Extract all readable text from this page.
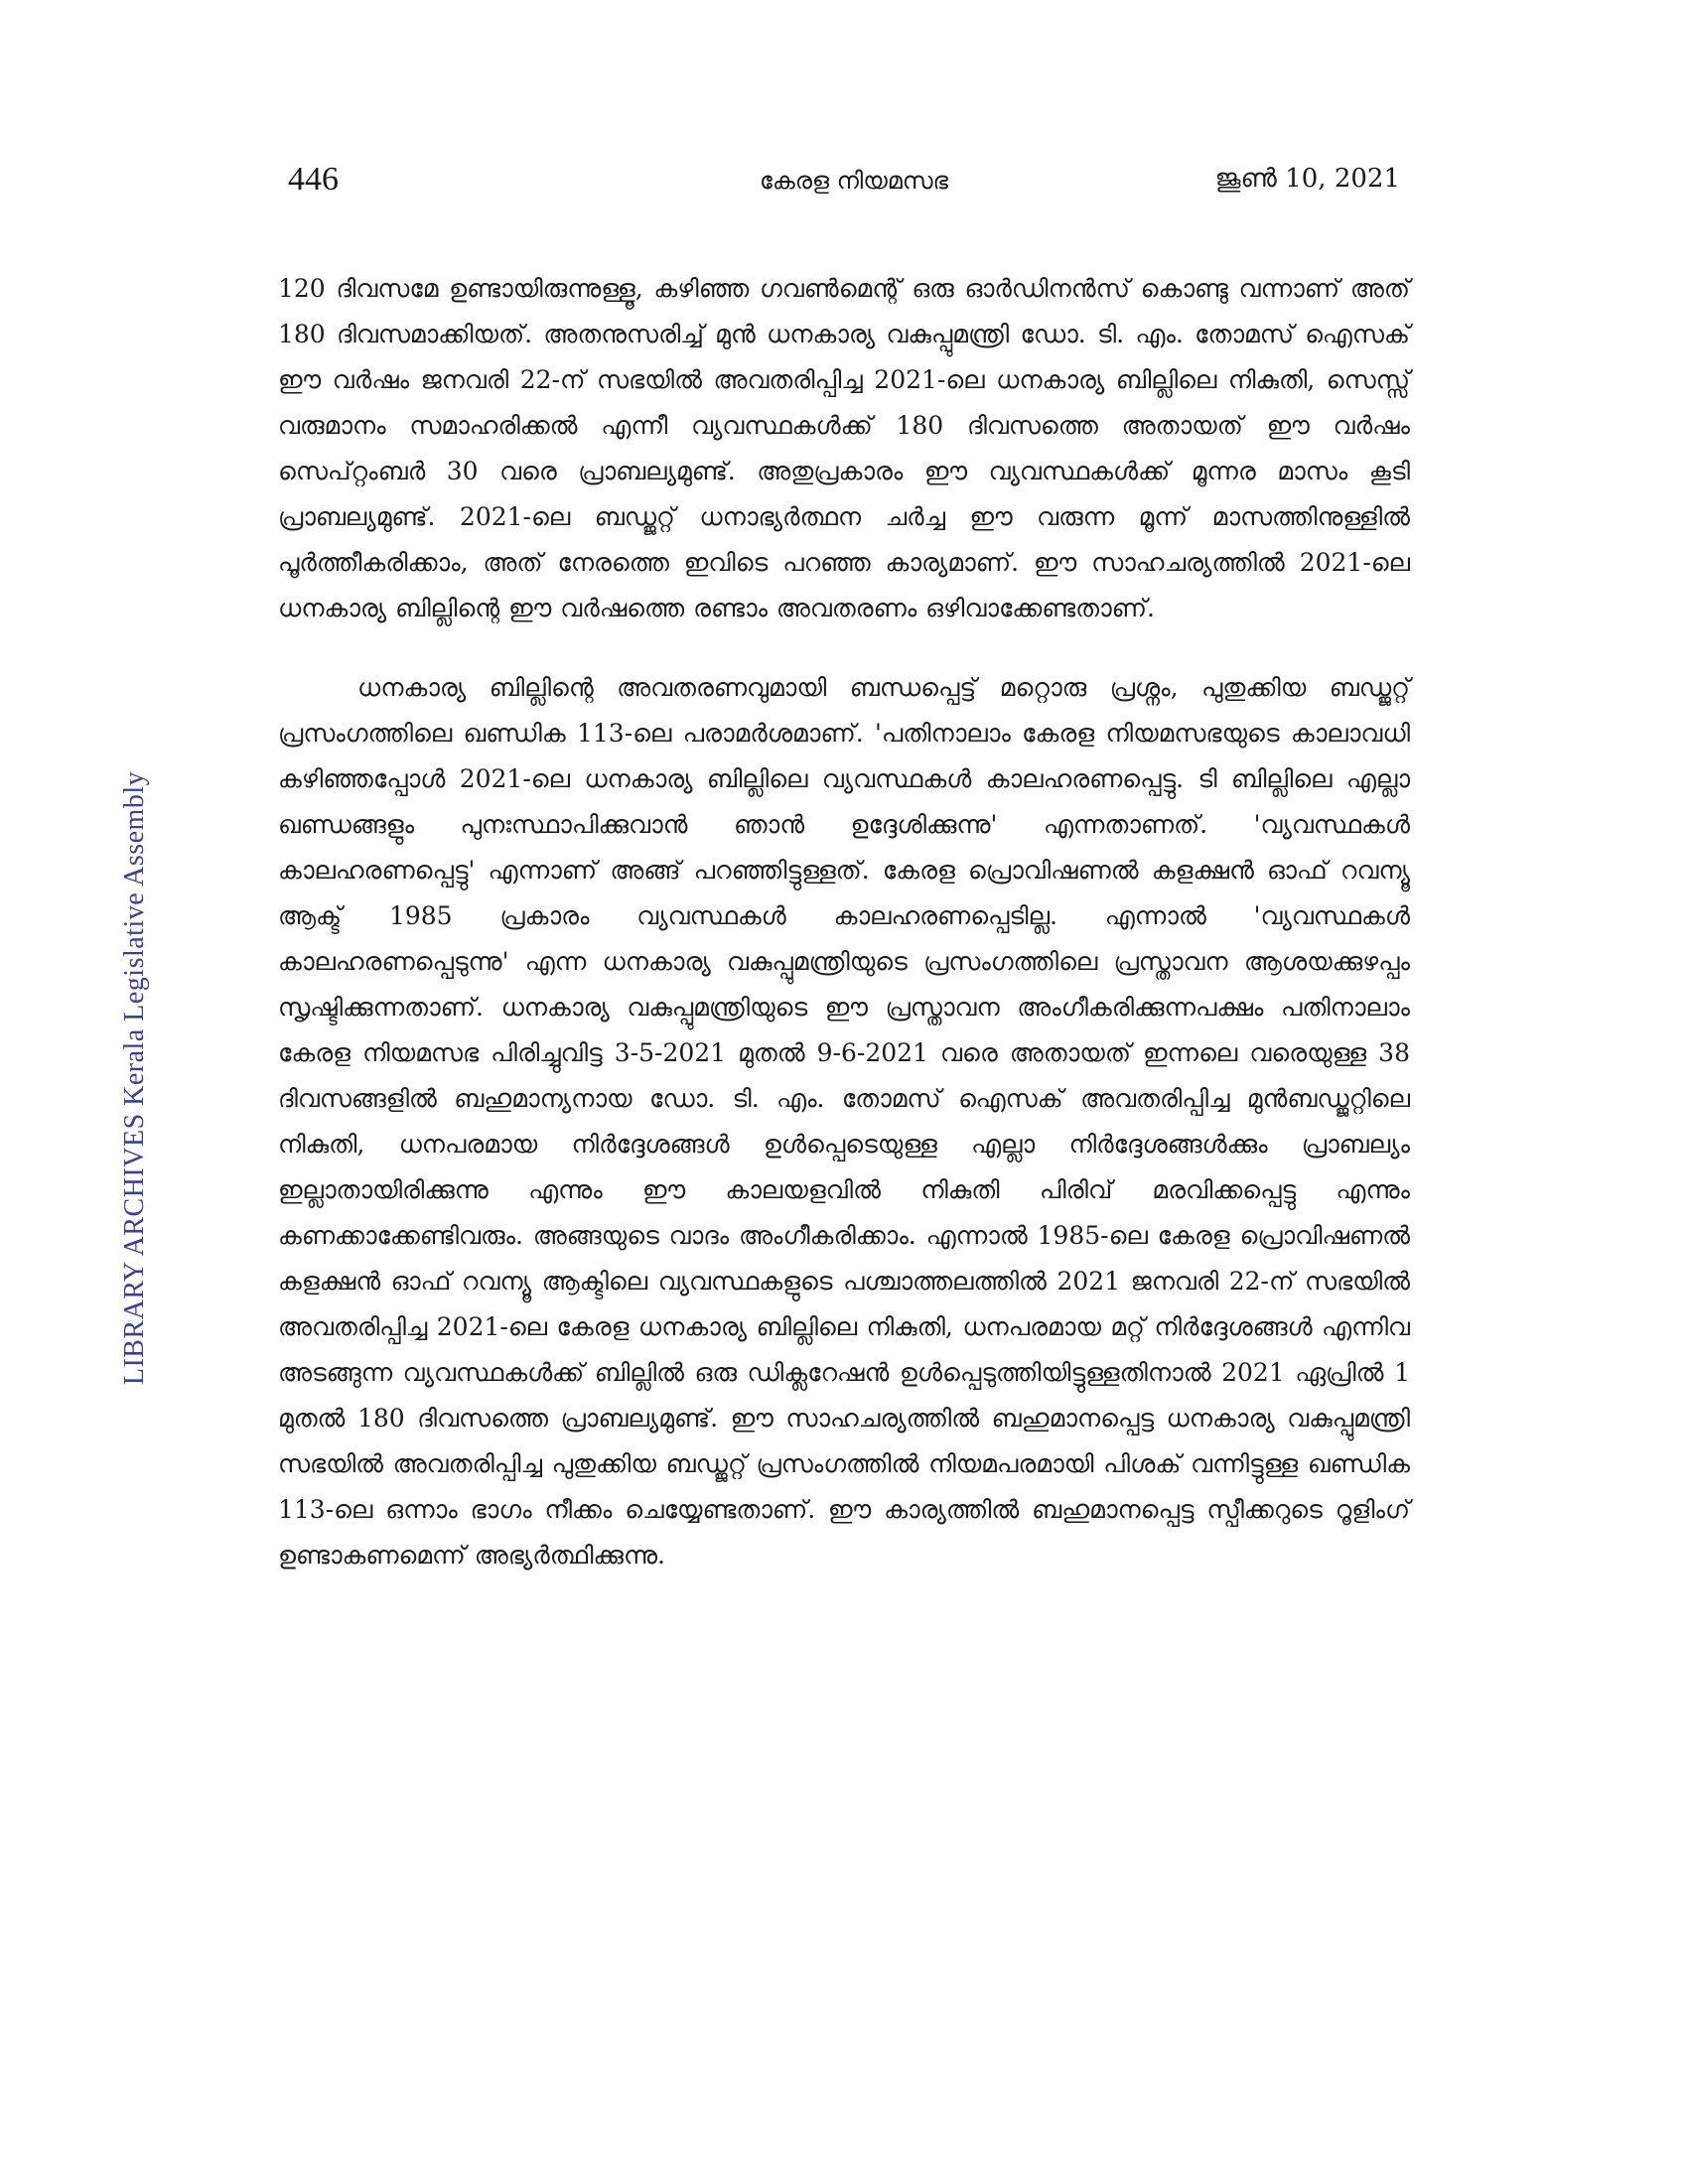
446	കേരള നിയമസഭ	ജൂൺ 10, 2021
LIBRARY ARCHIVES Kerala Legislative Assembly

120 ദിവസമേ ഉണ്ടായിരുന്നുള്ളൂ, കഴിഞ്ഞ ഗവൺമെന്റ് ഒരു ഓർഡിനൻസ് കൊണ്ടു വന്നാണ് അത് 180 ദിവസമാക്കിയത്. അതനുസരിച്ച് മുൻ ധനകാര്യ വകുപ്പുമന്ത്രി ഡോ. ടി. എം. തോമസ് ഐസക് ഈ വർഷം ജനവരി 22-ന് സഭയിൽ അവതരിപ്പിച്ച 2021-ലെ ധനകാര്യ ബില്ലിലെ നികുതി, സെസ്സ് വരുമാനം സമാഹരിക്കൽ എന്നീ വ്യവസ്ഥകൾക്ക് 180 ദിവസത്തെ അതായത് ഈ വർഷം സെപ്റ്റംബർ 30 വരെ പ്രാബല്യമുണ്ട്. അതുപ്രകാരം ഈ വ്യവസ്ഥകൾക്ക് മൂന്നര മാസം കൂടി പ്രാബല്യമുണ്ട്. 2021-ലെ ബഡ്ജറ്റ് ധനാഭ്യർത്ഥന ചർച്ച ഈ വരുന്ന മൂന്ന് മാസത്തിനുള്ളിൽ പൂർത്തീകരിക്കാം, അത് നേരത്തെ ഇവിടെ പറഞ്ഞ കാര്യമാണ്. ഈ സാഹചര്യത്തിൽ 2021-ലെ ധനകാര്യ ബില്ലിന്റെ ഈ വർഷത്തെ രണ്ടാം അവതരണം ഒഴിവാക്കേണ്ടതാണ്.

ധനകാര്യ ബില്ലിന്റെ അവതരണവുമായി ബന്ധപ്പെട്ട് മറ്റൊരു പ്രശ്നം, പുതുക്കിയ ബഡ്ജറ്റ് പ്രസംഗത്തിലെ ഖണ്ഡിക 113-ലെ പരാമർശമാണ്. 'പതിനാലാം കേരള നിയമസഭയുടെ കാലാവധി കഴിഞ്ഞപ്പോൾ 2021-ലെ ധനകാര്യ ബില്ലിലെ വ്യവസ്ഥകൾ കാലഹരണപ്പെട്ടു. ടി ബില്ലിലെ എല്ലാ ഖണ്ഡങ്ങളും പുനഃസ്ഥാപിക്കുവാൻ ഞാൻ ഉദ്ദേശിക്കുന്നു' എന്നതാണത്. 'വ്യവസ്ഥകൾ കാലഹരണപ്പെട്ടു' എന്നാണ് അങ്ങ് പറഞ്ഞിട്ടുള്ളത്. കേരള പ്രൊവിഷണൽ കളക്ഷൻ ഓഫ് റവന്യൂ ആക്ട് 1985 പ്രകാരം വ്യവസ്ഥകൾ കാലഹരണപ്പെടില്ല. എന്നാൽ 'വ്യവസ്ഥകൾ കാലഹരണപ്പെടുന്നു' എന്ന ധനകാര്യ വകുപ്പുമന്ത്രിയുടെ പ്രസംഗത്തിലെ പ്രസ്താവന ആശയക്കുഴപ്പം സൃഷ്ടിക്കുന്നതാണ്. ധനകാര്യ വകുപ്പുമന്ത്രിയുടെ ഈ പ്രസ്താവന അംഗീകരിക്കുന്നപക്ഷം പതിനാലാം കേരള നിയമസഭ പിരിച്ചുവിട്ട 3-5-2021 മുതൽ 9-6-2021 വരെ അതായത് ഇന്നലെ വരെയുള്ള 38 ദിവസങ്ങളിൽ ബഹുമാന്യനായ ഡോ. ടി. എം. തോമസ് ഐസക് അവതരിപ്പിച്ച മുൻബഡ്ജറ്റിലെ നികുതി, ധനപരമായ നിർദ്ദേശങ്ങൾ ഉൾപ്പെടെയുള്ള എല്ലാ നിർദ്ദേശങ്ങൾക്കും പ്രാബല്യം ഇല്ലാതായിരിക്കുന്നു എന്നും ഈ കാലയളവിൽ നികുതി പിരിവ് മരവിക്കപ്പെട്ടു എന്നും കണക്കാക്കേണ്ടിവരും. അങ്ങയുടെ വാദം അംഗീകരിക്കാം. എന്നാൽ 1985-ലെ കേരള പ്രൊവിഷണൽ കളക്ഷൻ ഓഫ് റവന്യൂ ആക്ടിലെ വ്യവസ്ഥകളുടെ പശ്ചാത്തലത്തിൽ 2021 ജനവരി 22-ന് സഭയിൽ അവതരിപ്പിച്ച 2021-ലെ കേരള ധനകാര്യ ബില്ലിലെ നികുതി, ധനപരമായ മറ്റ് നിർദ്ദേശങ്ങൾ എന്നിവ അടങ്ങുന്ന വ്യവസ്ഥകൾക്ക് ബില്ലിൽ ഒരു ഡിക്ലറേഷൻ ഉൾപ്പെടുത്തിയിട്ടുള്ളതിനാൽ 2021 ഏപ്രിൽ 1 മുതൽ 180 ദിവസത്തെ പ്രാബല്യമുണ്ട്. ഈ സാഹചര്യത്തിൽ ബഹുമാനപ്പെട്ട ധനകാര്യ വകുപ്പുമന്ത്രി സഭയിൽ അവതരിപ്പിച്ച പുതുക്കിയ ബഡ്ജറ്റ് പ്രസംഗത്തിൽ നിയമപരമായി പിശക് വന്നിട്ടുള്ള ഖണ്ഡിക 113-ലെ ഒന്നാം ഭാഗം നീക്കം ചെയ്യേണ്ടതാണ്. ഈ കാര്യത്തിൽ ബഹുമാനപ്പെട്ട സ്പീക്കറുടെ റൂളിംഗ് ഉണ്ടാകണമെന്ന് അഭ്യർത്ഥിക്കുന്നു.
